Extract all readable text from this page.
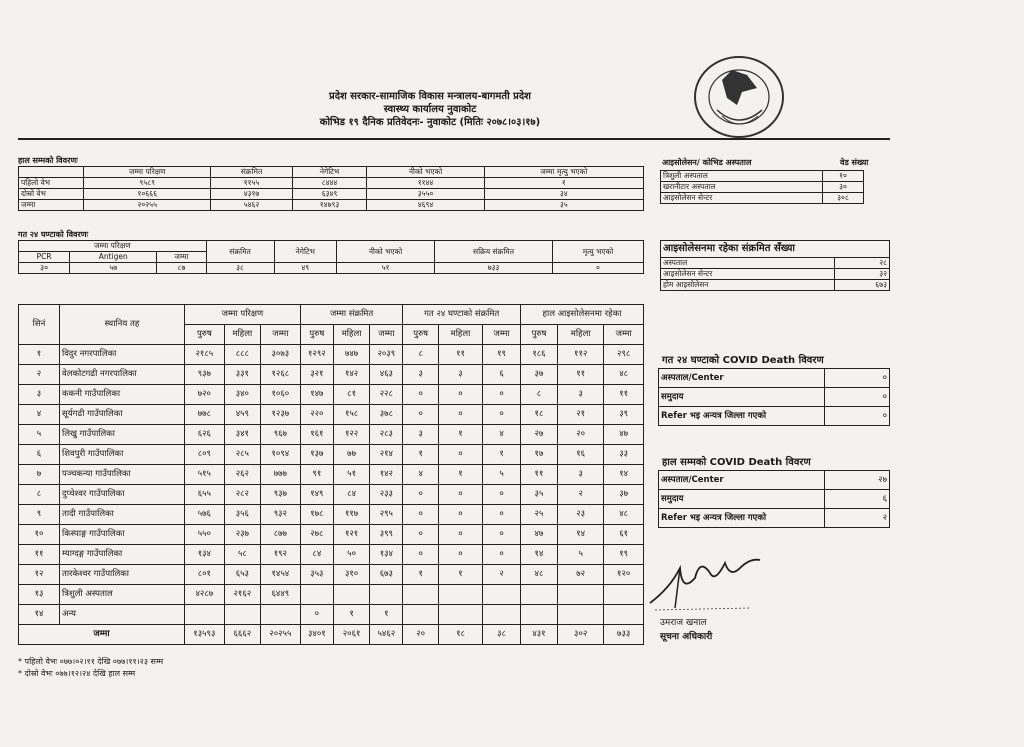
प्रदेश सरकार-सामाजिक विकास मन्त्रालय-बागमती प्रदेश
स्वास्थ्य कार्यालय नुवाकोट
कोभिड १९ दैनिक प्रतिवेदनः- नुवाकोट (मितिः २०७८।०३।१७)
हाल सम्मको विवरणः
	जम्मा परिक्षण	संक्रमित	नेगेटिभ	नीको भएको	जम्मा मृत्यु भएको
पहिलो वेभ	९५८९	११५५	८४४४	११४४	१
दोस्रो वेभ	१०६६६	४३१७	६३४९	३५५०	३४
जम्मा	२०२५५	५४६२	१४७९३	४६९४	३५
आइसोलेसन/ कोभिड अस्पताल	वेड संख्या
त्रिशुली अस्पताल	१०
खरानीटार अस्पताल	३०
आइसोलेसन सेन्टर	३०८
गत २४ घण्टाको विवरणः
जम्मा परिक्षण			संक्रमित	नेगेटिभ	नीको भएको	सक्रिय संक्रमित	मृत्यु भएको
PCR	Antigen	जम्मा					
३०	५७	८७	३८	४९	५१	७३३	०
आइसोलेसनमा रहेका संक्रमित सँख्या	
अस्पताल	२८
आइसोलेसन सेन्टर	३२
होम आइसोलेसन	६७३
सिनं	स्थानिय तह	जम्मा परिक्षण			जम्मा संक्रमित			गत २४ घण्टाको संक्रमित			हाल आइसोलेसनमा रहेका		
		पुरुष	महिला	जम्मा	पुरुष	महिला	जम्मा	पुरुष	महिला	जम्मा	पुरुष	महिला	जम्मा
१	विदुर नगरपालिका	२१८५	८८८	३०७३	१२९२	७४७	२०३९	८	११	१९	१८६	११२	२९८
२	वेलकोटगढी नगरपालिका	९३७	३३१	१२६८	३२१	१४२	४६३	३	३	६	३७	११	४८
३	ककनी गाउँपालिका	७२०	३४०	१०६०	१४७	८१	२२८	०	०	०	८	३	११
४	सूर्यगढी गाउँपालिका	७७८	४५९	१२३७	२२०	१५८	३७८	०	०	०	१८	२१	३९
५	लिखु गाउँपालिका	६२६	३४१	९६७	१६१	१२२	२८३	३	१	४	२७	२०	४७
६	शिवपुरी गाउँपालिका	८०९	२८५	१०९४	१३७	७७	२१४	१	०	१	१७	१६	३३
७	पञ्चकन्या गाउँपालिका	५१५	२६२	७७७	९१	५१	१४२	४	१	५	११	३	१४
८	दुप्चेश्वर गाउँपालिका	६५५	२८२	९३७	१४९	८४	२३३	०	०	०	३५	२	३७
९	तादी गाउँपालिका	५७६	३५६	९३२	१७८	११७	२९५	०	०	०	२५	२३	४८
१०	किस्पाङ्ग गाउँपालिका	५५०	२३७	८७७	२७८	१२१	३९९	०	०	०	४७	१४	६१
११	म्याग्दङ्ग गाउँपालिका	१३४	५८	१९२	८४	५०	१३४	०	०	०	१४	५	१९
१२	तारकेश्वर गाउँपालिका	८०१	६५३	१४५४	३५३	३१०	६७३	१	१	२	४८	७२	१२०
१३	त्रिशुली अस्पताल	४२८७	२१६२	६४४९									
१४	अन्य				०	१	१						
जम्मा		१३५९३	६६६२	२०२५५	३४०१	२०६१	५४६२	२०	१८	३८	४३१	३०२	७३३
गत २४ घण्टाको COVID Death विवरण
अस्पताल/Center	०
समुदाय	०
Refer भइ अन्यत्र जिल्ला गएको	०
हाल सम्मको COVID Death विवरण
अस्पताल/Center	२७
समुदाय	६
Refer भइ अन्यत्र जिल्ला गएको	२
उमराज खनाल
सूचना अधिकारी
* पहिलो वेभः ०७७।०२।११ देखि ०७७।११।२३ सम्म
* दोस्रो वेभः ०७७।१२।२४ देखि हाल सम्म
